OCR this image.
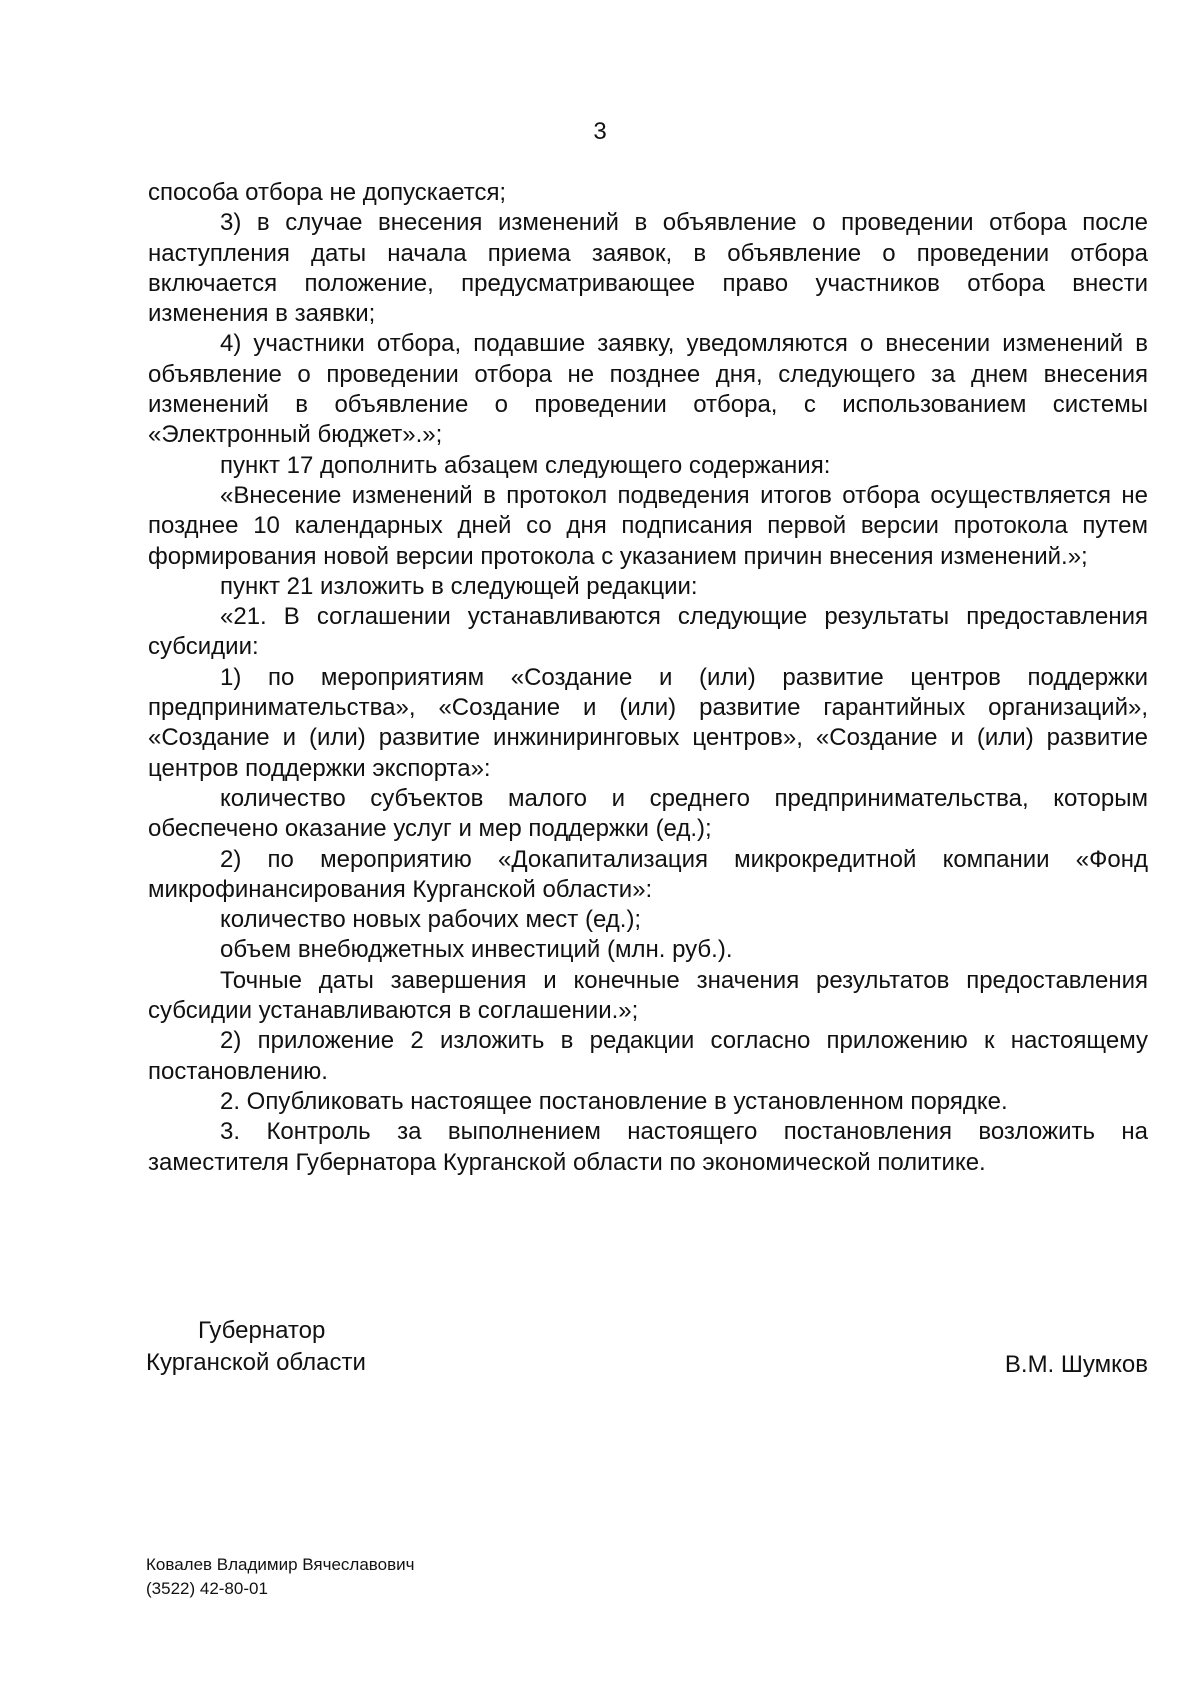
3

способа отбора не допускается;

3) в случае внесения изменений в объявление о проведении отбора после наступления даты начала приема заявок, в объявление о проведении отбора включается положение, предусматривающее право участников отбора внести изменения в заявки;

4) участники отбора, подавшие заявку, уведомляются о внесении изменений в объявление о проведении отбора не позднее дня, следующего за днем внесения изменений в объявление о проведении отбора, с использованием системы «Электронный бюджет».»;

пункт 17 дополнить абзацем следующего содержания:

«Внесение изменений в протокол подведения итогов отбора осуществляется не позднее 10 календарных дней со дня подписания первой версии протокола путем формирования новой версии протокола с указанием причин внесения изменений.»;

пункт 21 изложить в следующей редакции:

«21. В соглашении устанавливаются следующие результаты предоставления субсидии:

1) по мероприятиям «Создание и (или) развитие центров поддержки предпринимательства», «Создание и (или) развитие гарантийных организаций», «Создание и (или) развитие инжиниринговых центров», «Создание и (или) развитие центров поддержки экспорта»:

количество субъектов малого и среднего предпринимательства, которым обеспечено оказание услуг и мер поддержки (ед.);

2) по мероприятию «Докапитализация микрокредитной компании «Фонд микрофинансирования Курганской области»:

количество новых рабочих мест (ед.);

объем внебюджетных инвестиций (млн. руб.).

Точные даты завершения и конечные значения результатов предоставления субсидии устанавливаются в соглашении.»;

2) приложение 2 изложить в редакции согласно приложению к настоящему постановлению.

2. Опубликовать настоящее постановление в установленном порядке.

3. Контроль за выполнением настоящего постановления возложить на заместителя Губернатора Курганской области по экономической политике.

Губернатор
Курганской области	В.М. Шумков
Ковалев Владимир Вячеславович
(3522) 42-80-01
